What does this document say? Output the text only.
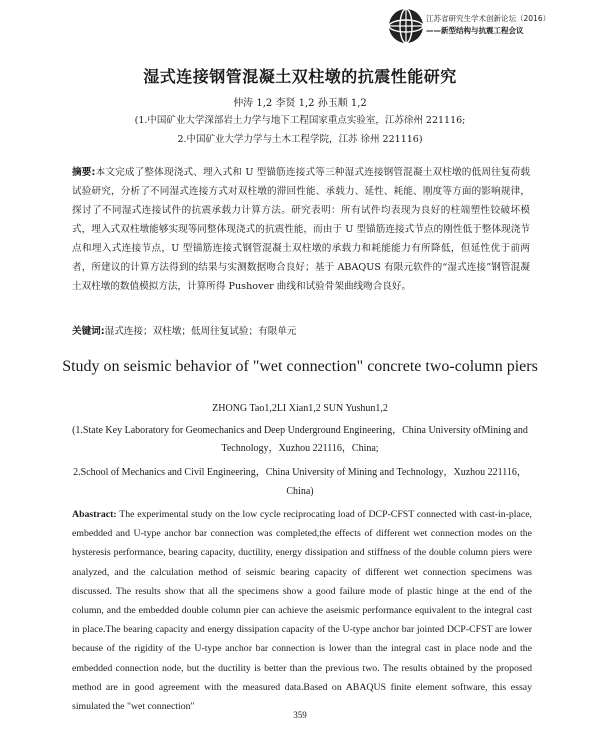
江苏省研究生学术创新论坛（2016）
——新型结构与抗震工程会议
湿式连接钢管混凝土双柱墩的抗震性能研究
仲涛 1,2 李贤 1,2 孙玉顺 1,2
(1.中国矿业大学深部岩土力学与地下工程国家重点实验室，江苏徐州 221116;
2.中国矿业大学力学与土木工程学院，江苏 徐州 221116)
摘要:本文完成了整体现浇式、埋入式和 U 型锚筋连接式等三种湿式连接钢管混凝土双柱墩的低周往复荷载试验研究，分析了不同湿式连接方式对双柱墩的滞回性能、承载力、延性、耗能、刚度等方面的影响规律，探讨了不同湿式连接试件的抗震承载力计算方法。研究表明：所有试件均表现为良好的柱端塑性铰破坏模式，埋入式双柱墩能够实现等同整体现浇式的抗震性能，而由于 U 型锚筋连接式节点的刚性低于整体现浇节点和埋入式连接节点，U 型锚筋连接式钢管混凝土双柱墩的承载力和耗能能力有所降低，但延性优于前两者，所建议的计算方法得到的结果与实测数据吻合良好；基于 ABAQUS 有限元软件的“湿式连接”钢管混凝土双柱墩的数值模拟方法，计算所得 Pushover 曲线和试验骨架曲线吻合良好。
关键词:湿式连接；双柱墩；低周往复试验；有限单元
Study on seismic behavior of "wet connection" concrete two-column piers
ZHONG Tao1,2LI Xian1,2 SUN Yushun1,2
(1.State Key Laboratory for Geomechanics and Deep Underground Engineering，China University ofMining and Technology，Xuzhou 221116，China;
2.School of Mechanics and Civil Engineering，China University of Mining and Technology，Xuzhou 221116，China)
Abastract: The experimental study on the low cycle reciprocating load of DCP-CFST connected with cast-in-place, embedded and U-type anchor bar connection was completed,the effects of different wet connection modes on the hysteresis performance, bearing capacity, ductility, energy dissipation and stiffness of the double column piers were analyzed, and the calculation method of seismic bearing capacity of different wet connection specimens was discussed. The results show that all the specimens show a good failure mode of plastic hinge at the end of the column, and the embedded double column pier can achieve the aseismic performance equivalent to the integral cast in place.The bearing capacity and energy dissipation capacity of the U-type anchor bar jointed DCP-CFST are lower because of the rigidity of the U-type anchor bar connection is lower than the integral cast in place node and the embedded connection node, but the ductility is better than the previous two. The results obtained by the proposed method are in good agreement with the measured data.Based on ABAQUS finite element software, this essay simulated the "wet connection"
359
